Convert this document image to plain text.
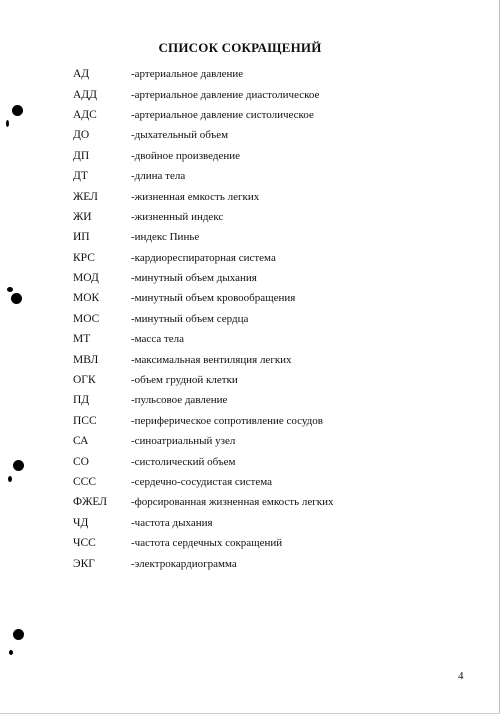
СПИСОК СОКРАЩЕНИЙ
АД	-артериальное давление
АДД	-артериальное давление диастолическое
АДС	-артериальное давление систолическое
ДО	-дыхательный объем
ДП	-двойное произведение
ДТ	-длина тела
ЖЕЛ	-жизненная емкость легких
ЖИ	-жизненный индекс
ИП	-индекс Пинье
КРС	-кардиореспираторная система
МОД	-минутный объем дыхания
МОК	-минутный объем кровообращения
МОС	-минутный объем сердца
МТ	-масса тела
МВЛ	-максимальная вентиляция легких
ОГК	-объем грудной клетки
ПД	-пульсовое давление
ПСС	-периферическое сопротивление сосудов
СА	-синоатриальный узел
СО	-систолический объем
ССС	-сердечно-сосудистая система
ФЖЕЛ	-форсированная жизненная емкость легких
ЧД	-частота дыхания
ЧСС	-частота сердечных сокращений
ЭКГ	-электрокардиограмма
4
